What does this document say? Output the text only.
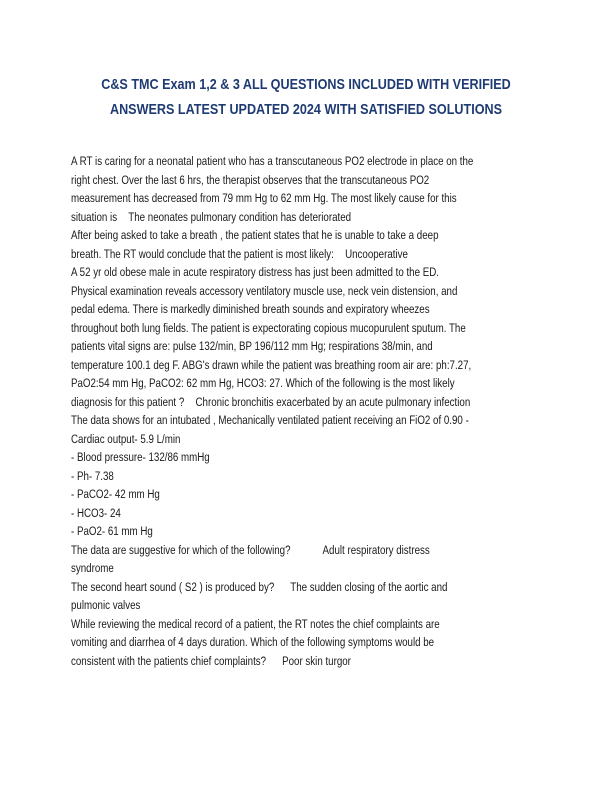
C&S TMC Exam 1,2 & 3 ALL QUESTIONS INCLUDED WITH VERIFIED
ANSWERS LATEST UPDATED 2024 WITH SATISFIED SOLUTIONS
A RT is caring for a neonatal patient who has a transcutaneous PO2 electrode in place on the
right chest. Over the last 6 hrs, the therapist observes that the transcutaneous PO2
measurement has decreased from 79 mm Hg to 62 mm Hg. The most likely cause for this
situation is The neonates pulmonary condition has deteriorated
After being asked to take a breath , the patient states that he is unable to take a deep
breath. The RT would conclude that the patient is most likely: Uncooperative
A 52 yr old obese male in acute respiratory distress has just been admitted to the ED.
Physical examination reveals accessory ventilatory muscle use, neck vein distension, and
pedal edema. There is markedly diminished breath sounds and expiratory wheezes
throughout both lung fields. The patient is expectorating copious mucopurulent sputum. The
patients vital signs are: pulse 132/min, BP 196/112 mm Hg; respirations 38/min, and
temperature 100.1 deg F. ABG's drawn while the patient was breathing room air are: ph:7.27,
PaO2:54 mm Hg, PaCO2: 62 mm Hg, HCO3: 27. Which of the following is the most likely
diagnosis for this patient ? Chronic bronchitis exacerbated by an acute pulmonary infection
The data shows for an intubated , Mechanically ventilated patient receiving an FiO2 of 0.90 -
Cardiac output- 5.9 L/min
- Blood pressure- 132/86 mmHg
- Ph- 7.38
- PaCO2- 42 mm Hg
- HCO3- 24
- PaO2- 61 mm Hg
The data are suggestive for which of the following?	Adult respiratory distress
syndrome
The second heart sound ( S2 ) is produced by? The sudden closing of the aortic and
pulmonic valves
While reviewing the medical record of a patient, the RT notes the chief complaints are
vomiting and diarrhea of 4 days duration. Which of the following symptoms would be
consistent with the patients chief complaints? Poor skin turgor
